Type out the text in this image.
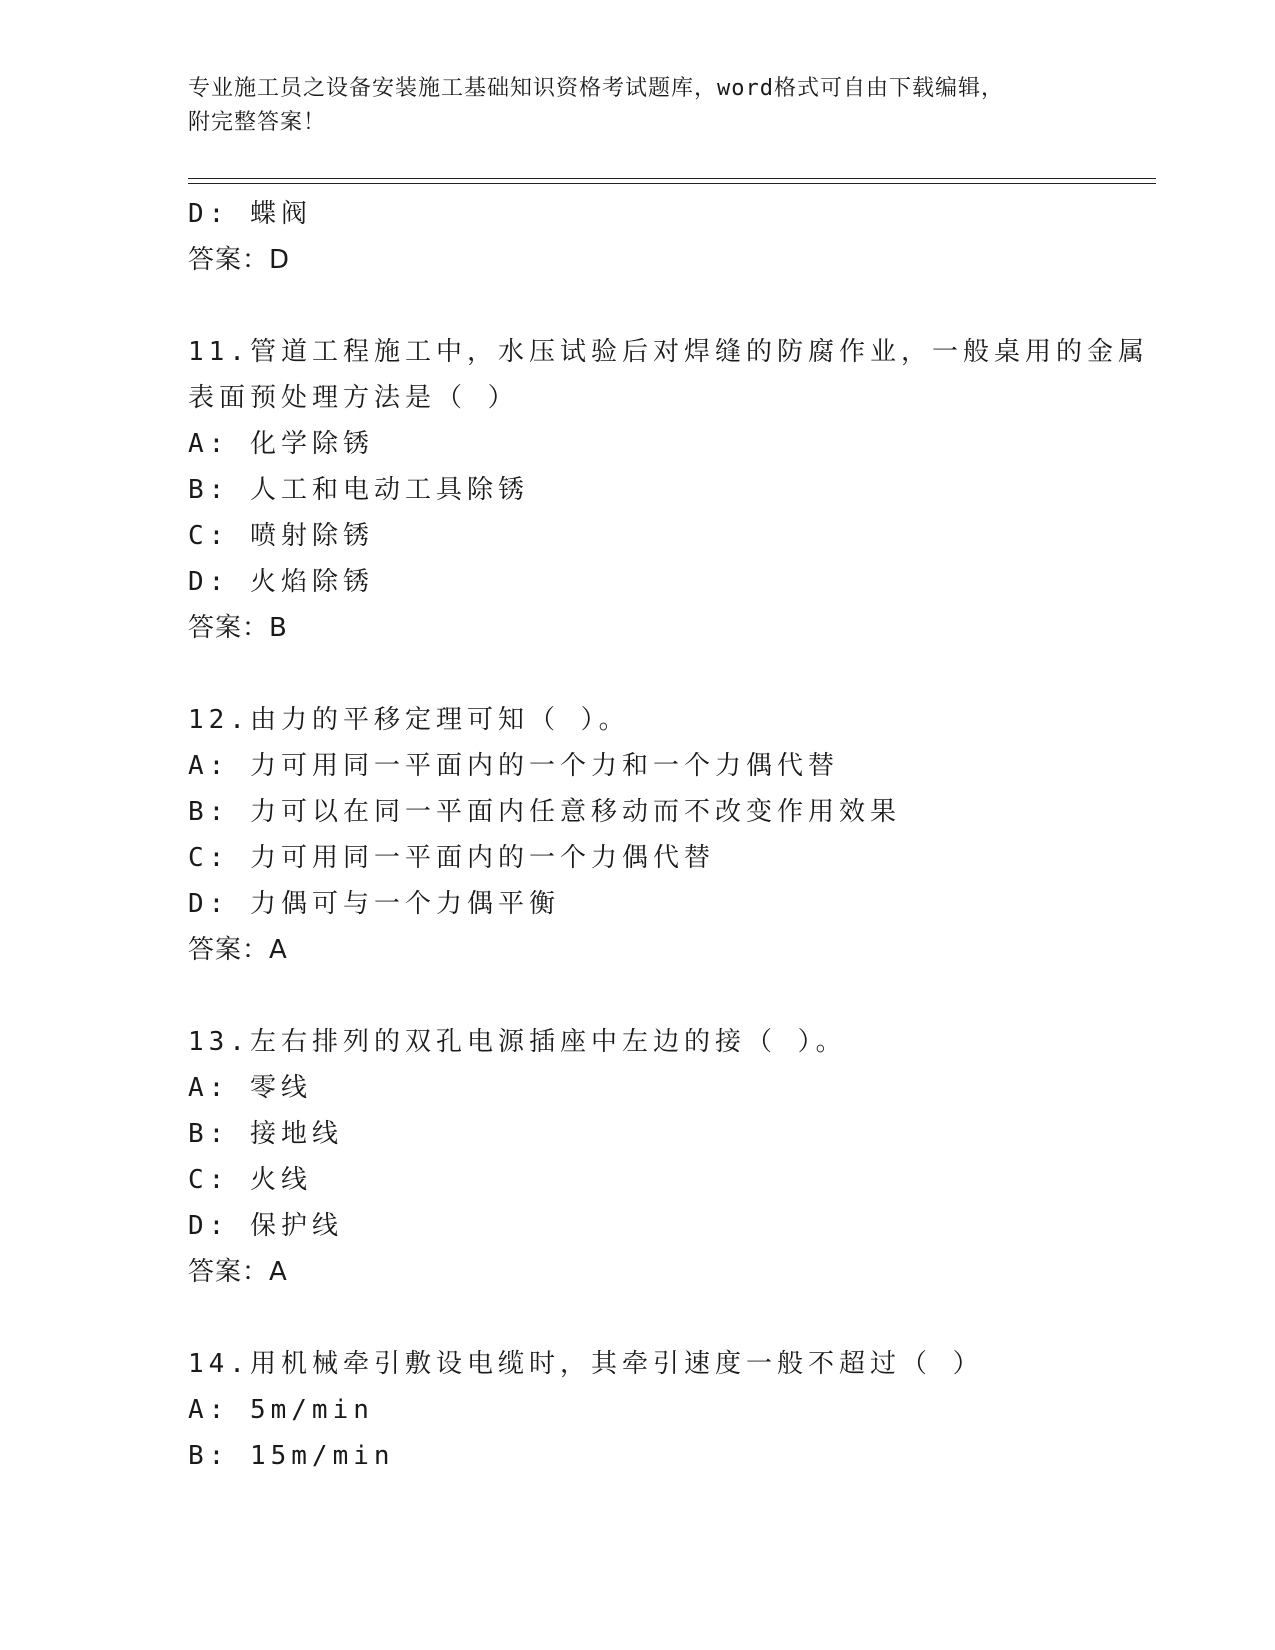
专业施工员之设备安装施工基础知识资格考试题库，word格式可自由下载编辑，
附完整答案！
D: 蝶阀
答案：D
11.管道工程施工中，水压试验后对焊缝的防腐作业，一般桌用的金属
表面预处理方法是（ ）
A: 化学除锈
B: 人工和电动工具除锈
C: 喷射除锈
D: 火焰除锈
答案：B
12.由力的平移定理可知（ ）。
A: 力可用同一平面内的一个力和一个力偶代替
B: 力可以在同一平面内任意移动而不改变作用效果
C: 力可用同一平面内的一个力偶代替
D: 力偶可与一个力偶平衡
答案：A
13.左右排列的双孔电源插座中左边的接（ ）。
A: 零线
B: 接地线
C: 火线
D: 保护线
答案：A
14.用机械牵引敷设电缆时，其牵引速度一般不超过（ ）
A: 5m/min
B: 15m/min
